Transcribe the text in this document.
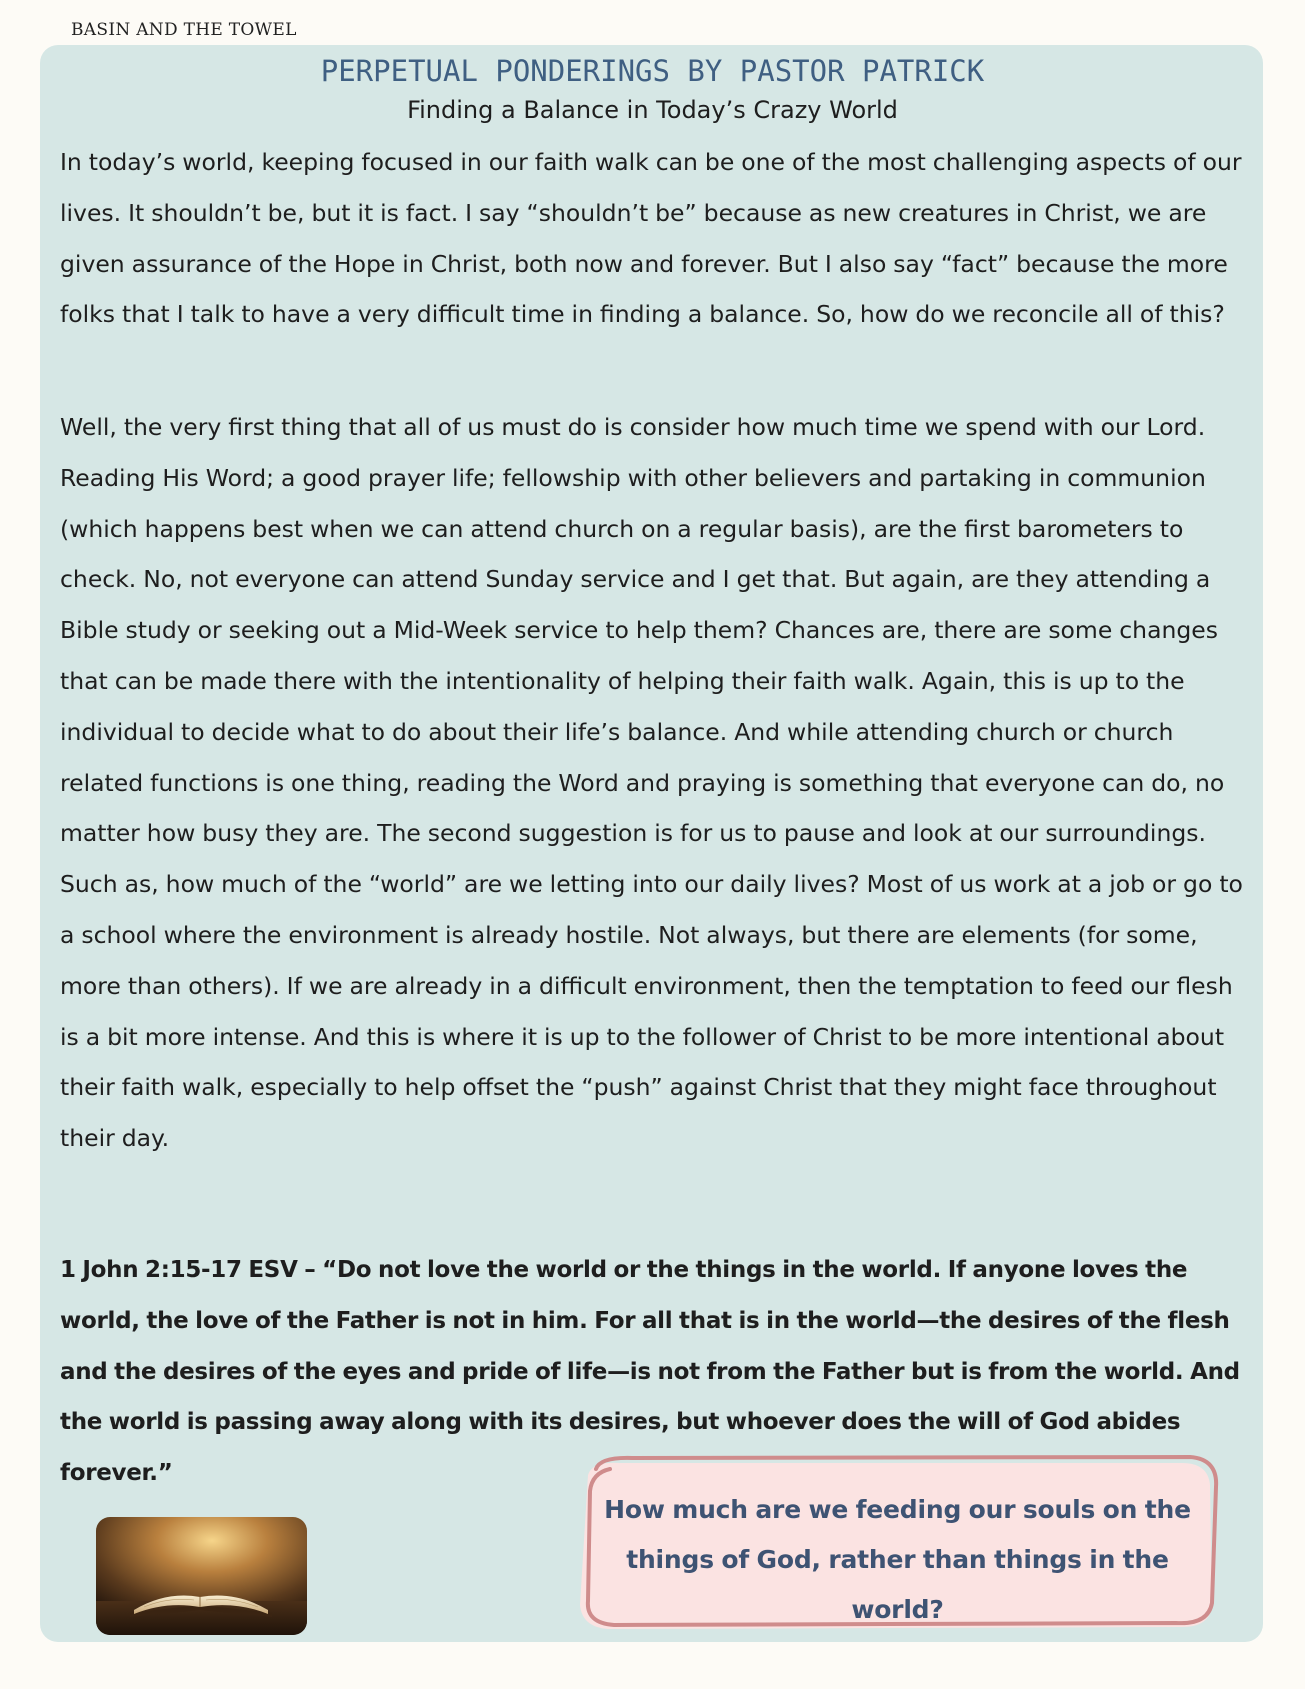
BASIN AND THE TOWEL
PERPETUAL PONDERINGS BY PASTOR PATRICK
Finding a Balance in Today’s Crazy World

In today’s world, keeping focused in our faith walk can be one of the most challenging aspects of our lives. It shouldn’t be, but it is fact. I say “shouldn’t be” because as new creatures in Christ, we are given assurance of the Hope in Christ, both now and forever. But I also say “fact” because the more folks that I talk to have a very difficult time in finding a balance. So, how do we reconcile all of this?

Well, the very first thing that all of us must do is consider how much time we spend with our Lord. Reading His Word; a good prayer life; fellowship with other believers and partaking in communion (which happens best when we can attend church on a regular basis), are the first barometers to check. No, not everyone can attend Sunday service and I get that. But again, are they attending a Bible study or seeking out a Mid-Week service to help them? Chances are, there are some changes that can be made there with the intentionality of helping their faith walk. Again, this is up to the individual to decide what to do about their life’s balance. And while attending church or church related functions is one thing, reading the Word and praying is something that everyone can do, no matter how busy they are. The second suggestion is for us to pause and look at our surroundings. Such as, how much of the “world” are we letting into our daily lives? Most of us work at a job or go to a school where the environment is already hostile. Not always, but there are elements (for some, more than others). If we are already in a difficult environment, then the temptation to feed our flesh is a bit more intense. And this is where it is up to the follower of Christ to be more intentional about their faith walk, especially to help offset the “push” against Christ that they might face throughout their day.

1 John 2:15-17 ESV – “Do not love the world or the things in the world. If anyone loves the world, the love of the Father is not in him. For all that is in the world—the desires of the flesh and the desires of the eyes and pride of life—is not from the Father but is from the world. And the world is passing away along with its desires, but whoever does the will of God abides forever.”

How much are we feeding our souls on the things of God, rather than things in the world?
